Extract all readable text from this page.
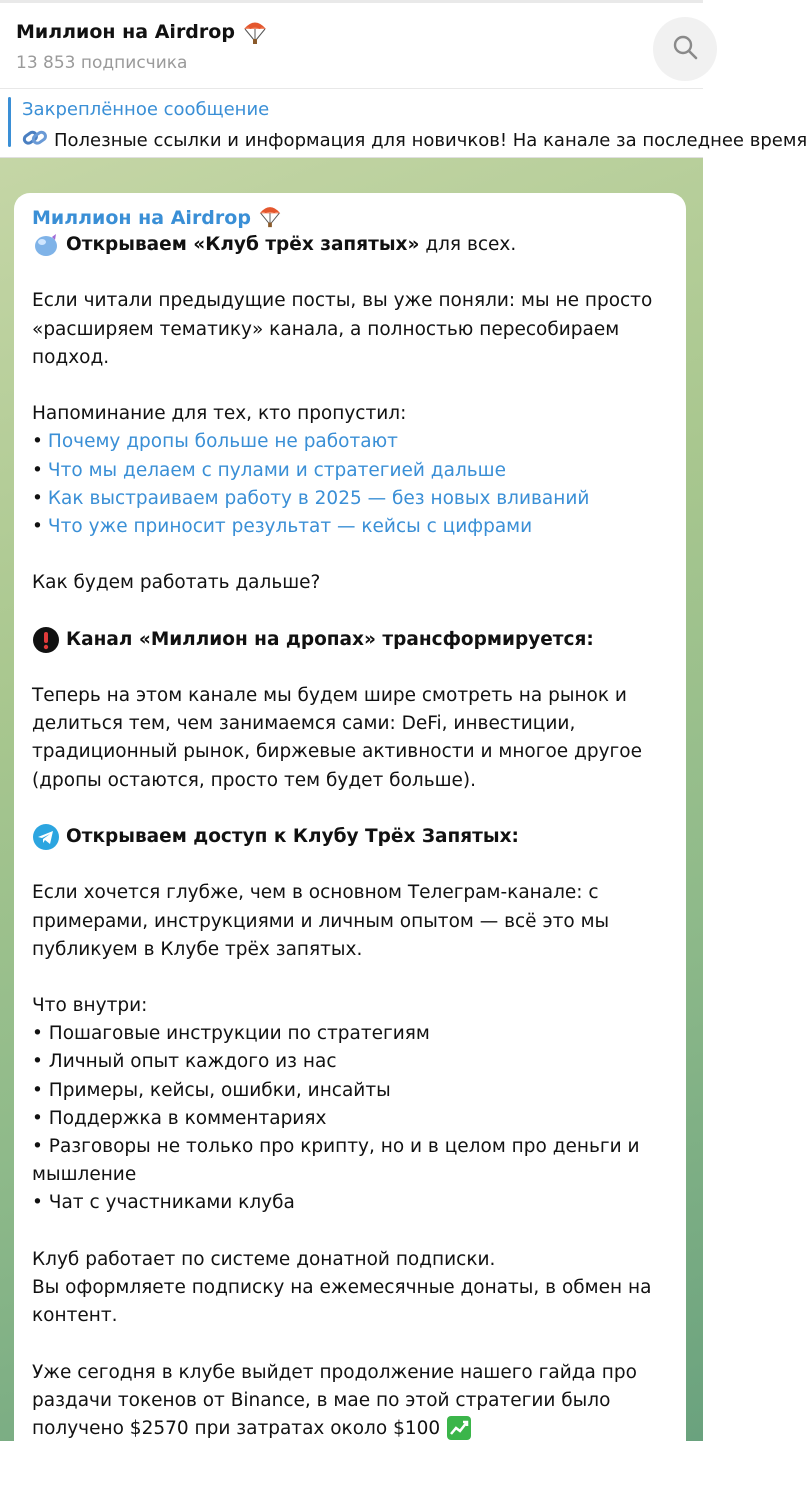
Миллион на Airdrop
13 853 подписчика
Закреплённое сообщение
Полезные ссылки и информация для новичков! На канале за последнее время
Миллион на Airdrop
Открываем «Клуб трёх запятых» для всех.
Если читали предыдущие посты, вы уже поняли: мы не просто
«расширяем тематику» канала, а полностью пересобираем
подход.
Напоминание для тех, кто пропустил:
• Почему дропы больше не работают
• Что мы делаем с пулами и стратегией дальше
• Как выстраиваем работу в 2025 — без новых вливаний
• Что уже приносит результат — кейсы с цифрами
Как будем работать дальше?
Канал «Миллион на дропах» трансформируется:
Теперь на этом канале мы будем шире смотреть на рынок и
делиться тем, чем занимаемся сами: DeFi, инвестиции,
традиционный рынок, биржевые активности и многое другое
(дропы остаются, просто тем будет больше).
Открываем доступ к Клубу Трёх Запятых:
Если хочется глубже, чем в основном Телеграм-канале: с
примерами, инструкциями и личным опытом — всё это мы
публикуем в Клубе трёх запятых.
Что внутри:
• Пошаговые инструкции по стратегиям
• Личный опыт каждого из нас
• Примеры, кейсы, ошибки, инсайты
• Поддержка в комментариях
• Разговоры не только про крипту, но и в целом про деньги и
мышление
• Чат с участниками клуба
Клуб работает по системе донатной подписки.
Вы оформляете подписку на ежемесячные донаты, в обмен на
контент.
Уже сегодня в клубе выйдет продолжение нашего гайда про
раздачи токенов от Binance, в мае по этой стратегии было
получено $2570 при затратах около $100
